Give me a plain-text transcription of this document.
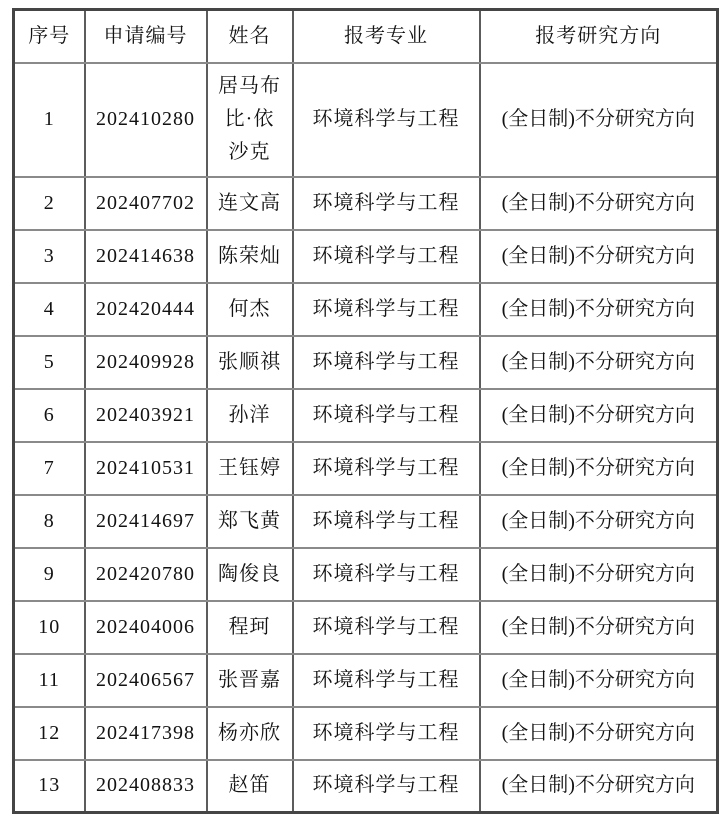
序号	申请编号	姓名	报考专业	报考研究方向
1	202410280	居马布比·依沙克	环境科学与工程	(全日制)不分研究方向
2	202407702	连文高	环境科学与工程	(全日制)不分研究方向
3	202414638	陈荣灿	环境科学与工程	(全日制)不分研究方向
4	202420444	何杰	环境科学与工程	(全日制)不分研究方向
5	202409928	张顺祺	环境科学与工程	(全日制)不分研究方向
6	202403921	孙洋	环境科学与工程	(全日制)不分研究方向
7	202410531	王钰婷	环境科学与工程	(全日制)不分研究方向
8	202414697	郑飞黄	环境科学与工程	(全日制)不分研究方向
9	202420780	陶俊良	环境科学与工程	(全日制)不分研究方向
10	202404006	程珂	环境科学与工程	(全日制)不分研究方向
11	202406567	张晋嘉	环境科学与工程	(全日制)不分研究方向
12	202417398	杨亦欣	环境科学与工程	(全日制)不分研究方向
13	202408833	赵笛	环境科学与工程	(全日制)不分研究方向
